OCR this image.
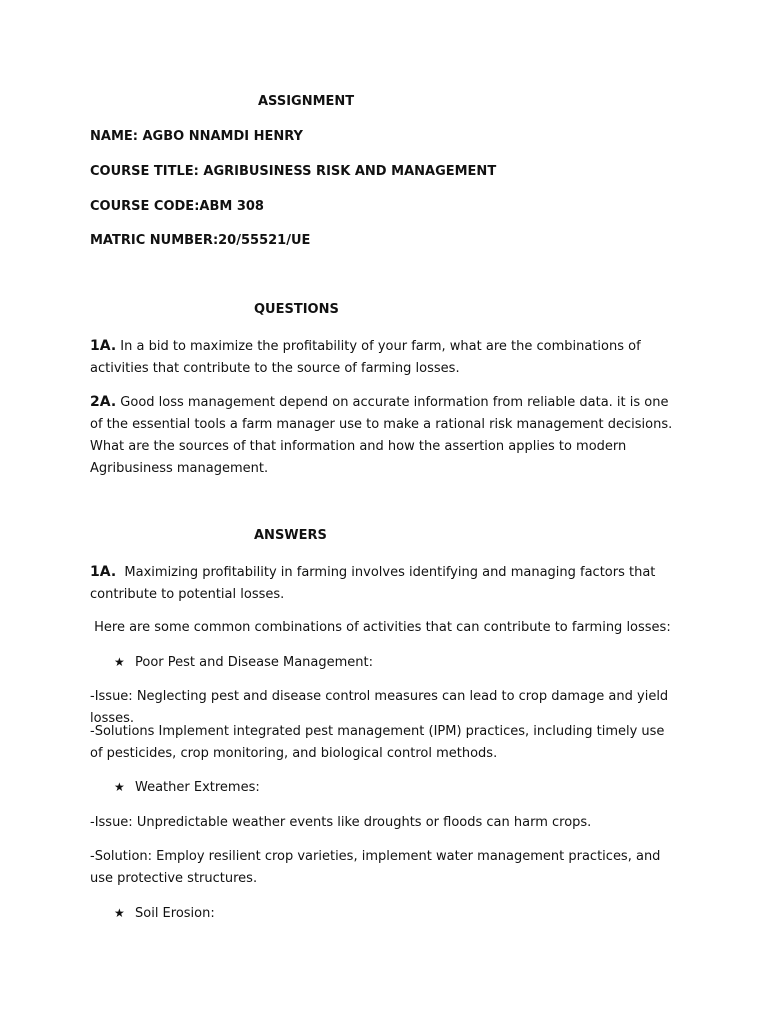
ASSIGNMENT

NAME: AGBO NNAMDI HENRY

COURSE TITLE: AGRIBUSINESS RISK AND MANAGEMENT

COURSE CODE:ABM 308

MATRIC NUMBER:20/55521/UE

QUESTIONS

1A. In a bid to maximize the profitability of your farm, what are the combinations of activities that contribute to the source of farming losses.

2A. Good loss management depend on accurate information from reliable data. it is one of the essential tools a farm manager use to make a rational risk management decisions. What are the sources of that information and how the assertion applies to modern Agribusiness management.

ANSWERS

1A.  Maximizing profitability in farming involves identifying and managing factors that contribute to potential losses.

Here are some common combinations of activities that can contribute to farming losses:

★ Poor Pest and Disease Management:

-Issue: Neglecting pest and disease control measures can lead to crop damage and yield losses.

-Solutions Implement integrated pest management (IPM) practices, including timely use of pesticides, crop monitoring, and biological control methods.

★ Weather Extremes:

-Issue: Unpredictable weather events like droughts or floods can harm crops.

-Solution: Employ resilient crop varieties, implement water management practices, and use protective structures.

★ Soil Erosion:
